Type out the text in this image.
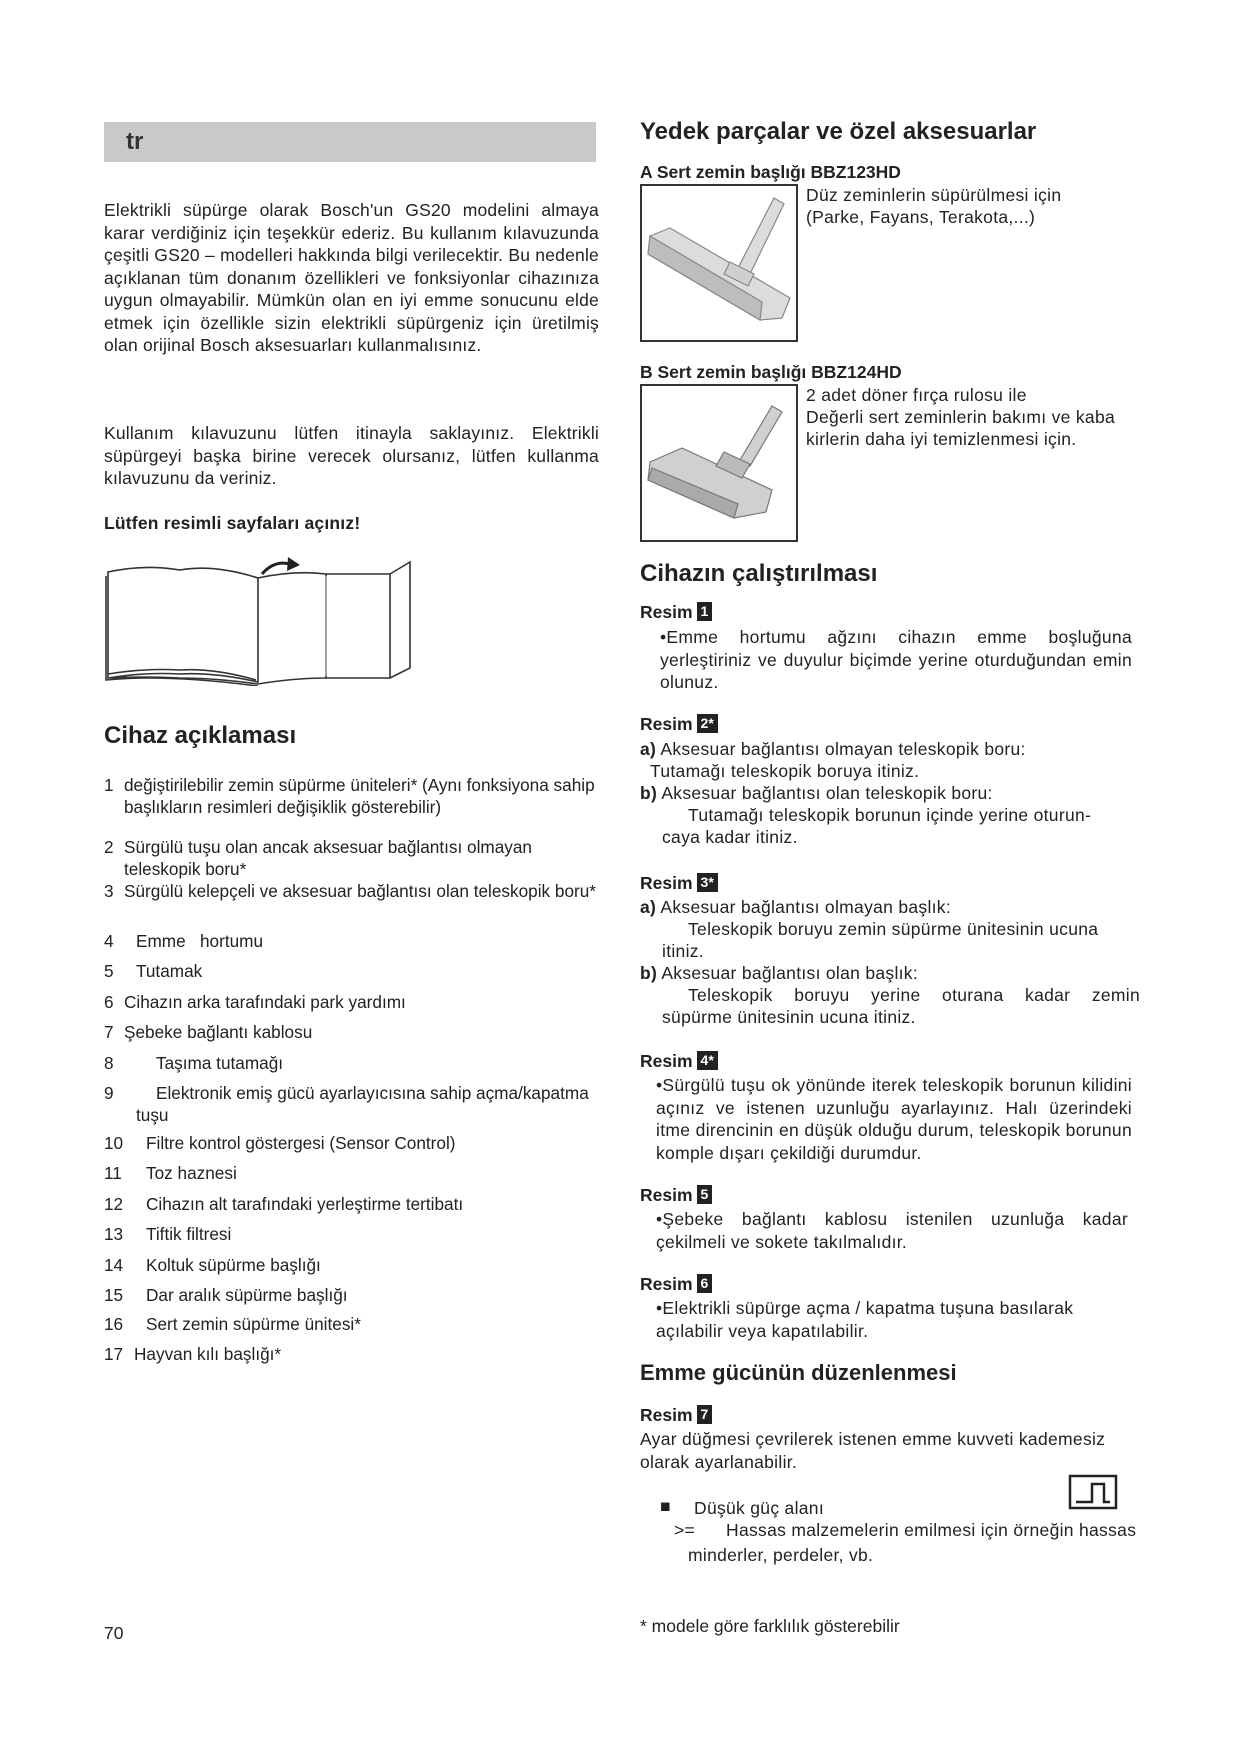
tr
Elektrikli süpürge olarak Bosch'un GS20 modelini almaya karar verdiğiniz için teşekkür ederiz. Bu kullanım kılavuzunda çeşitli GS20 – modelleri hakkında bilgi verilecektir. Bu nedenle açıklanan tüm donanım özellikleri ve fonksiyonlar cihazınıza uygun olmayabilir. Mümkün olan en iyi emme sonucunu elde etmek için özellikle sizin elektrikli süpürgeniz için üretilmiş olan orijinal Bosch aksesuarları kullanmalısınız.
Kullanım kılavuzunu lütfen itinayla saklayınız. Elektrikli süpürgeyi başka birine verecek olursanız, lütfen kullanma kılavuzunu da veriniz.
Lütfen resimli sayfaları açınız!
Cihaz açıklaması
1 değiştirilebilir zemin süpürme üniteleri* (Aynı fonksiyona sahip başlıkların resimleri değişiklik gösterebilir)
2 Sürgülü tuşu olan ancak aksesuar bağlantısı olmayan teleskopik boru*
3 Sürgülü kelepçeli ve aksesuar bağlantısı olan teleskopik boru*
4 Emme   hortumu
5 Tutamak
6 Cihazın arka tarafındaki park yardımı
7 Şebeke bağlantı kablosu
8 Taşıma tutamağı
9	Elektronik emiş gücü ayarlayıcısına sahip açma/kapatma tuşu
10 Filtre kontrol göstergesi (Sensor Control)
11 Toz haznesi
12 Cihazın alt tarafındaki yerleştirme tertibatı
13 Tiftik filtresi
14 Koltuk süpürme başlığı
15 Dar aralık süpürme başlığı
16 Sert zemin süpürme ünitesi*
17 Hayvan kılı başlığı*
70
Yedek parçalar ve özel aksesuarlar
A Sert zemin başlığı BBZ123HD
Düz zeminlerin süpürülmesi için
(Parke, Fayans, Terakota,...)
B Sert zemin başlığı BBZ124HD
2 adet döner fırça rulosu ile
Değerli sert zeminlerin bakımı ve kaba
kirlerin daha iyi temizlenmesi için.
Cihazın çalıştırılması
Resim 1
•Emme hortumu ağzını cihazın emme boşluğuna yerleştiriniz ve duyulur biçimde yerine oturduğundan emin olunuz.
Resim 2*
a) Aksesuar bağlantısı olmayan teleskopik boru:
Tutamağı teleskopik boruya itiniz.
b) Aksesuar bağlantısı olan teleskopik boru:
Tutamağı teleskopik borunun içinde yerine oturun-
caya kadar itiniz.
Resim 3*
a) Aksesuar bağlantısı olmayan başlık:
Teleskopik boruyu zemin süpürme ünitesinin ucuna
itiniz.
b) Aksesuar bağlantısı olan başlık:
Teleskopik boruyu yerine oturana kadar zemin
süpürme ünitesinin ucuna itiniz.
Resim 4*
•Sürgülü tuşu ok yönünde iterek teleskopik borunun kilidini açınız ve istenen uzunluğu ayarlayınız. Halı üzerindeki itme direncinin en düşük olduğu durum, teleskopik borunun komple dışarı çekildiği durumdur.
Resim 5
•Şebeke bağlantı kablosu istenilen uzunluğa kadar çekilmeli ve sokete takılmalıdır.
Resim 6
•Elektrikli süpürge açma / kapatma tuşuna basılarak açılabilir veya kapatılabilir.
Emme gücünün düzenlenmesi
Resim 7
Ayar düğmesi çevrilerek istenen emme kuvveti kademesiz olarak ayarlanabilir.
■ Düşük güç alanı
>= Hassas malzemelerin emilmesi için örneğin hassas
minderler, perdeler, vb.
* modele göre farklılık gösterebilir
